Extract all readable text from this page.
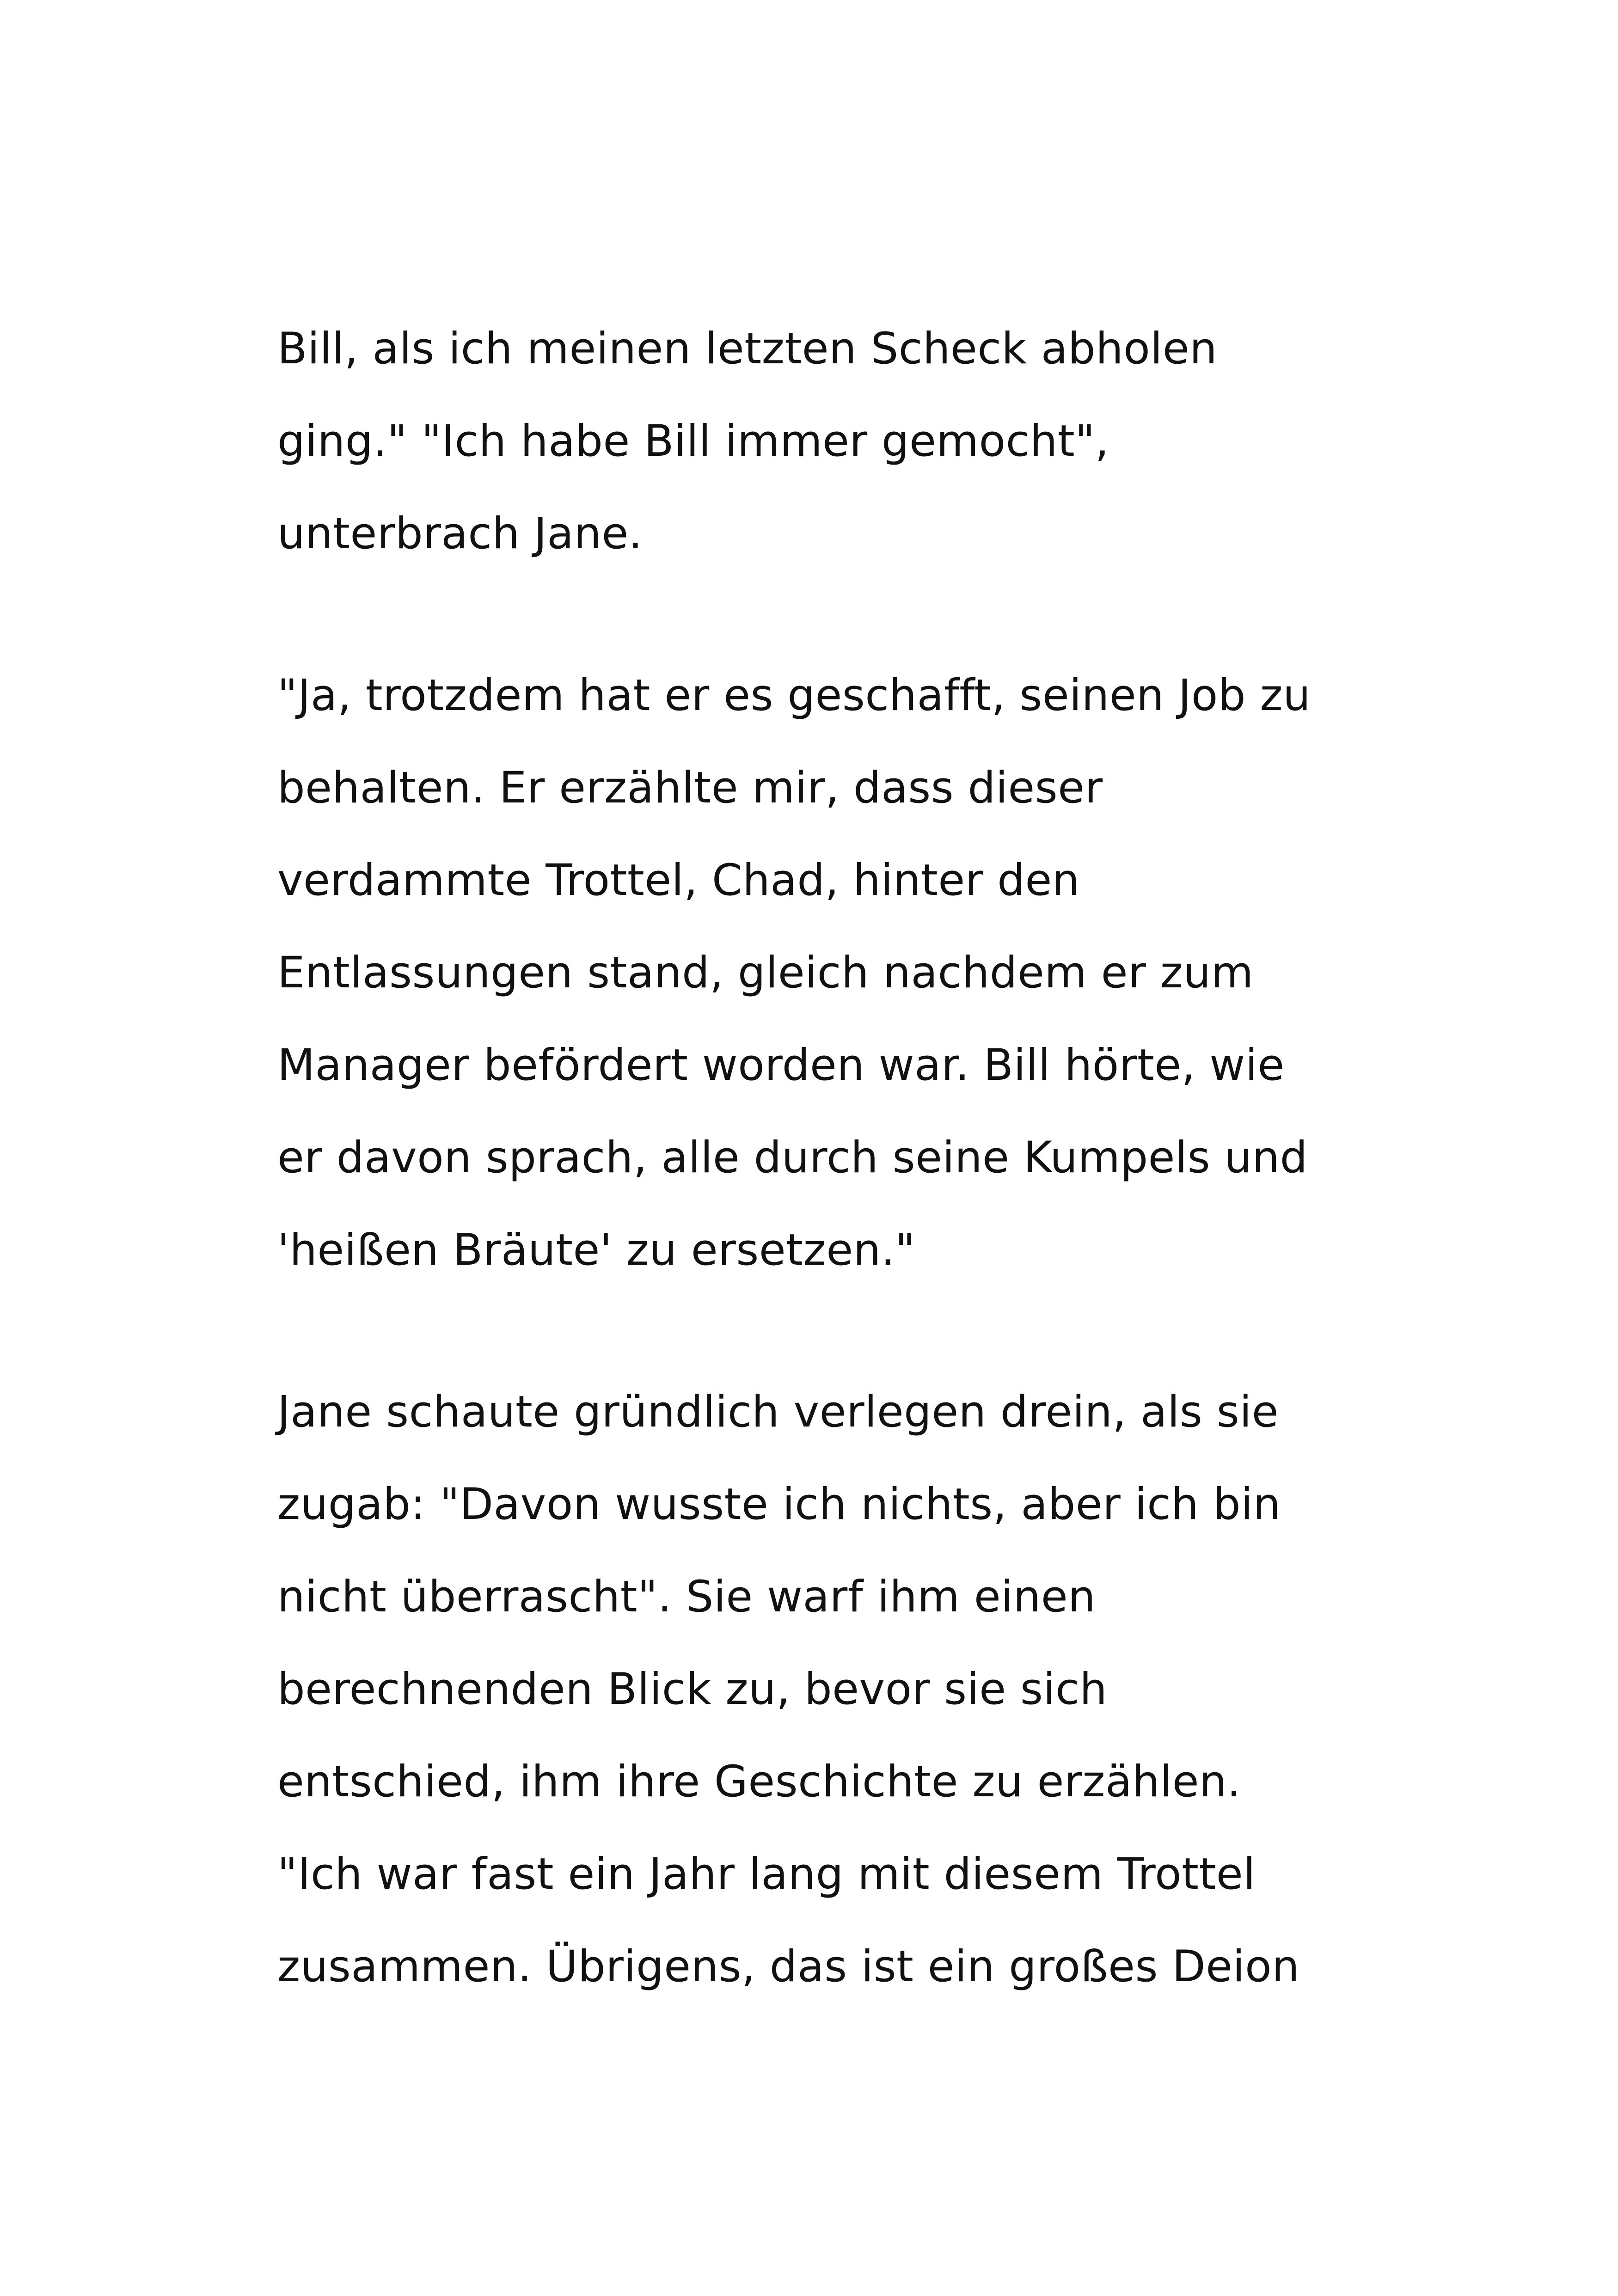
Bill, als ich meinen letzten Scheck abholen
ging." "Ich habe Bill immer gemocht",
unterbrach Jane.
"Ja, trotzdem hat er es geschafft, seinen Job zu
behalten. Er erzählte mir, dass dieser
verdammte Trottel, Chad, hinter den
Entlassungen stand, gleich nachdem er zum
Manager befördert worden war. Bill hörte, wie
er davon sprach, alle durch seine Kumpels und
'heißen Bräute' zu ersetzen."
Jane schaute gründlich verlegen drein, als sie
zugab: "Davon wusste ich nichts, aber ich bin
nicht überrascht". Sie warf ihm einen
berechnenden Blick zu, bevor sie sich
entschied, ihm ihre Geschichte zu erzählen.
"Ich war fast ein Jahr lang mit diesem Trottel
zusammen. Übrigens, das ist ein großes Deion
